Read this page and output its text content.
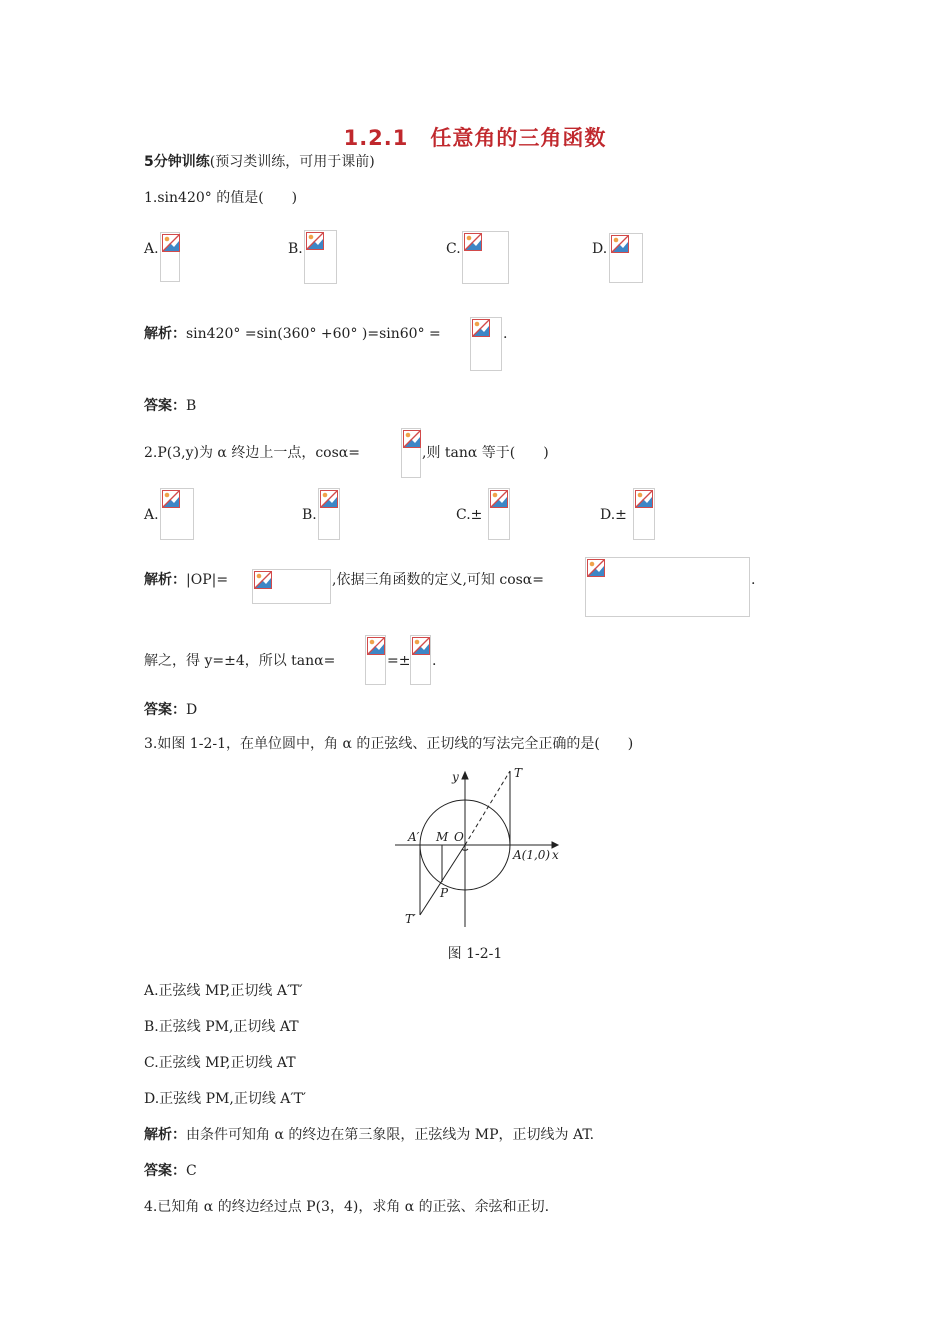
1.2.1　任意角的三角函数
5分钟训练(预习类训练，可用于课前)
1.sin420° 的值是(　　)
A.	B.	C.	D.
解析：sin420° =sin(360° +60° )=sin60° =	.
答案：B
2.P(3,y)为 α 终边上一点，cosα=	,则 tanα 等于(　　)
A.	B.	C.±	D.±
解析：|OP|=	,依据三角函数的定义,可知 cosα=	.
解之，得 y=±4，所以 tanα=	=± .
答案：D
3.如图 1-2-1，在单位圆中，角 α 的正弦线、正切线的写法完全正确的是(　　)
y
x
T
A′ M O
A(1,0)
P
T′
图 1-2-1
A.正弦线 MP,正切线 A′T′
B.正弦线 PM,正切线 AT
C.正弦线 MP,正切线 AT
D.正弦线 PM,正切线 A′T′
解析：由条件可知角 α 的终边在第三象限，正弦线为 MP，正切线为 AT.
答案：C
4.已知角 α 的终边经过点 P(3，4)，求角 α 的正弦、余弦和正切.
